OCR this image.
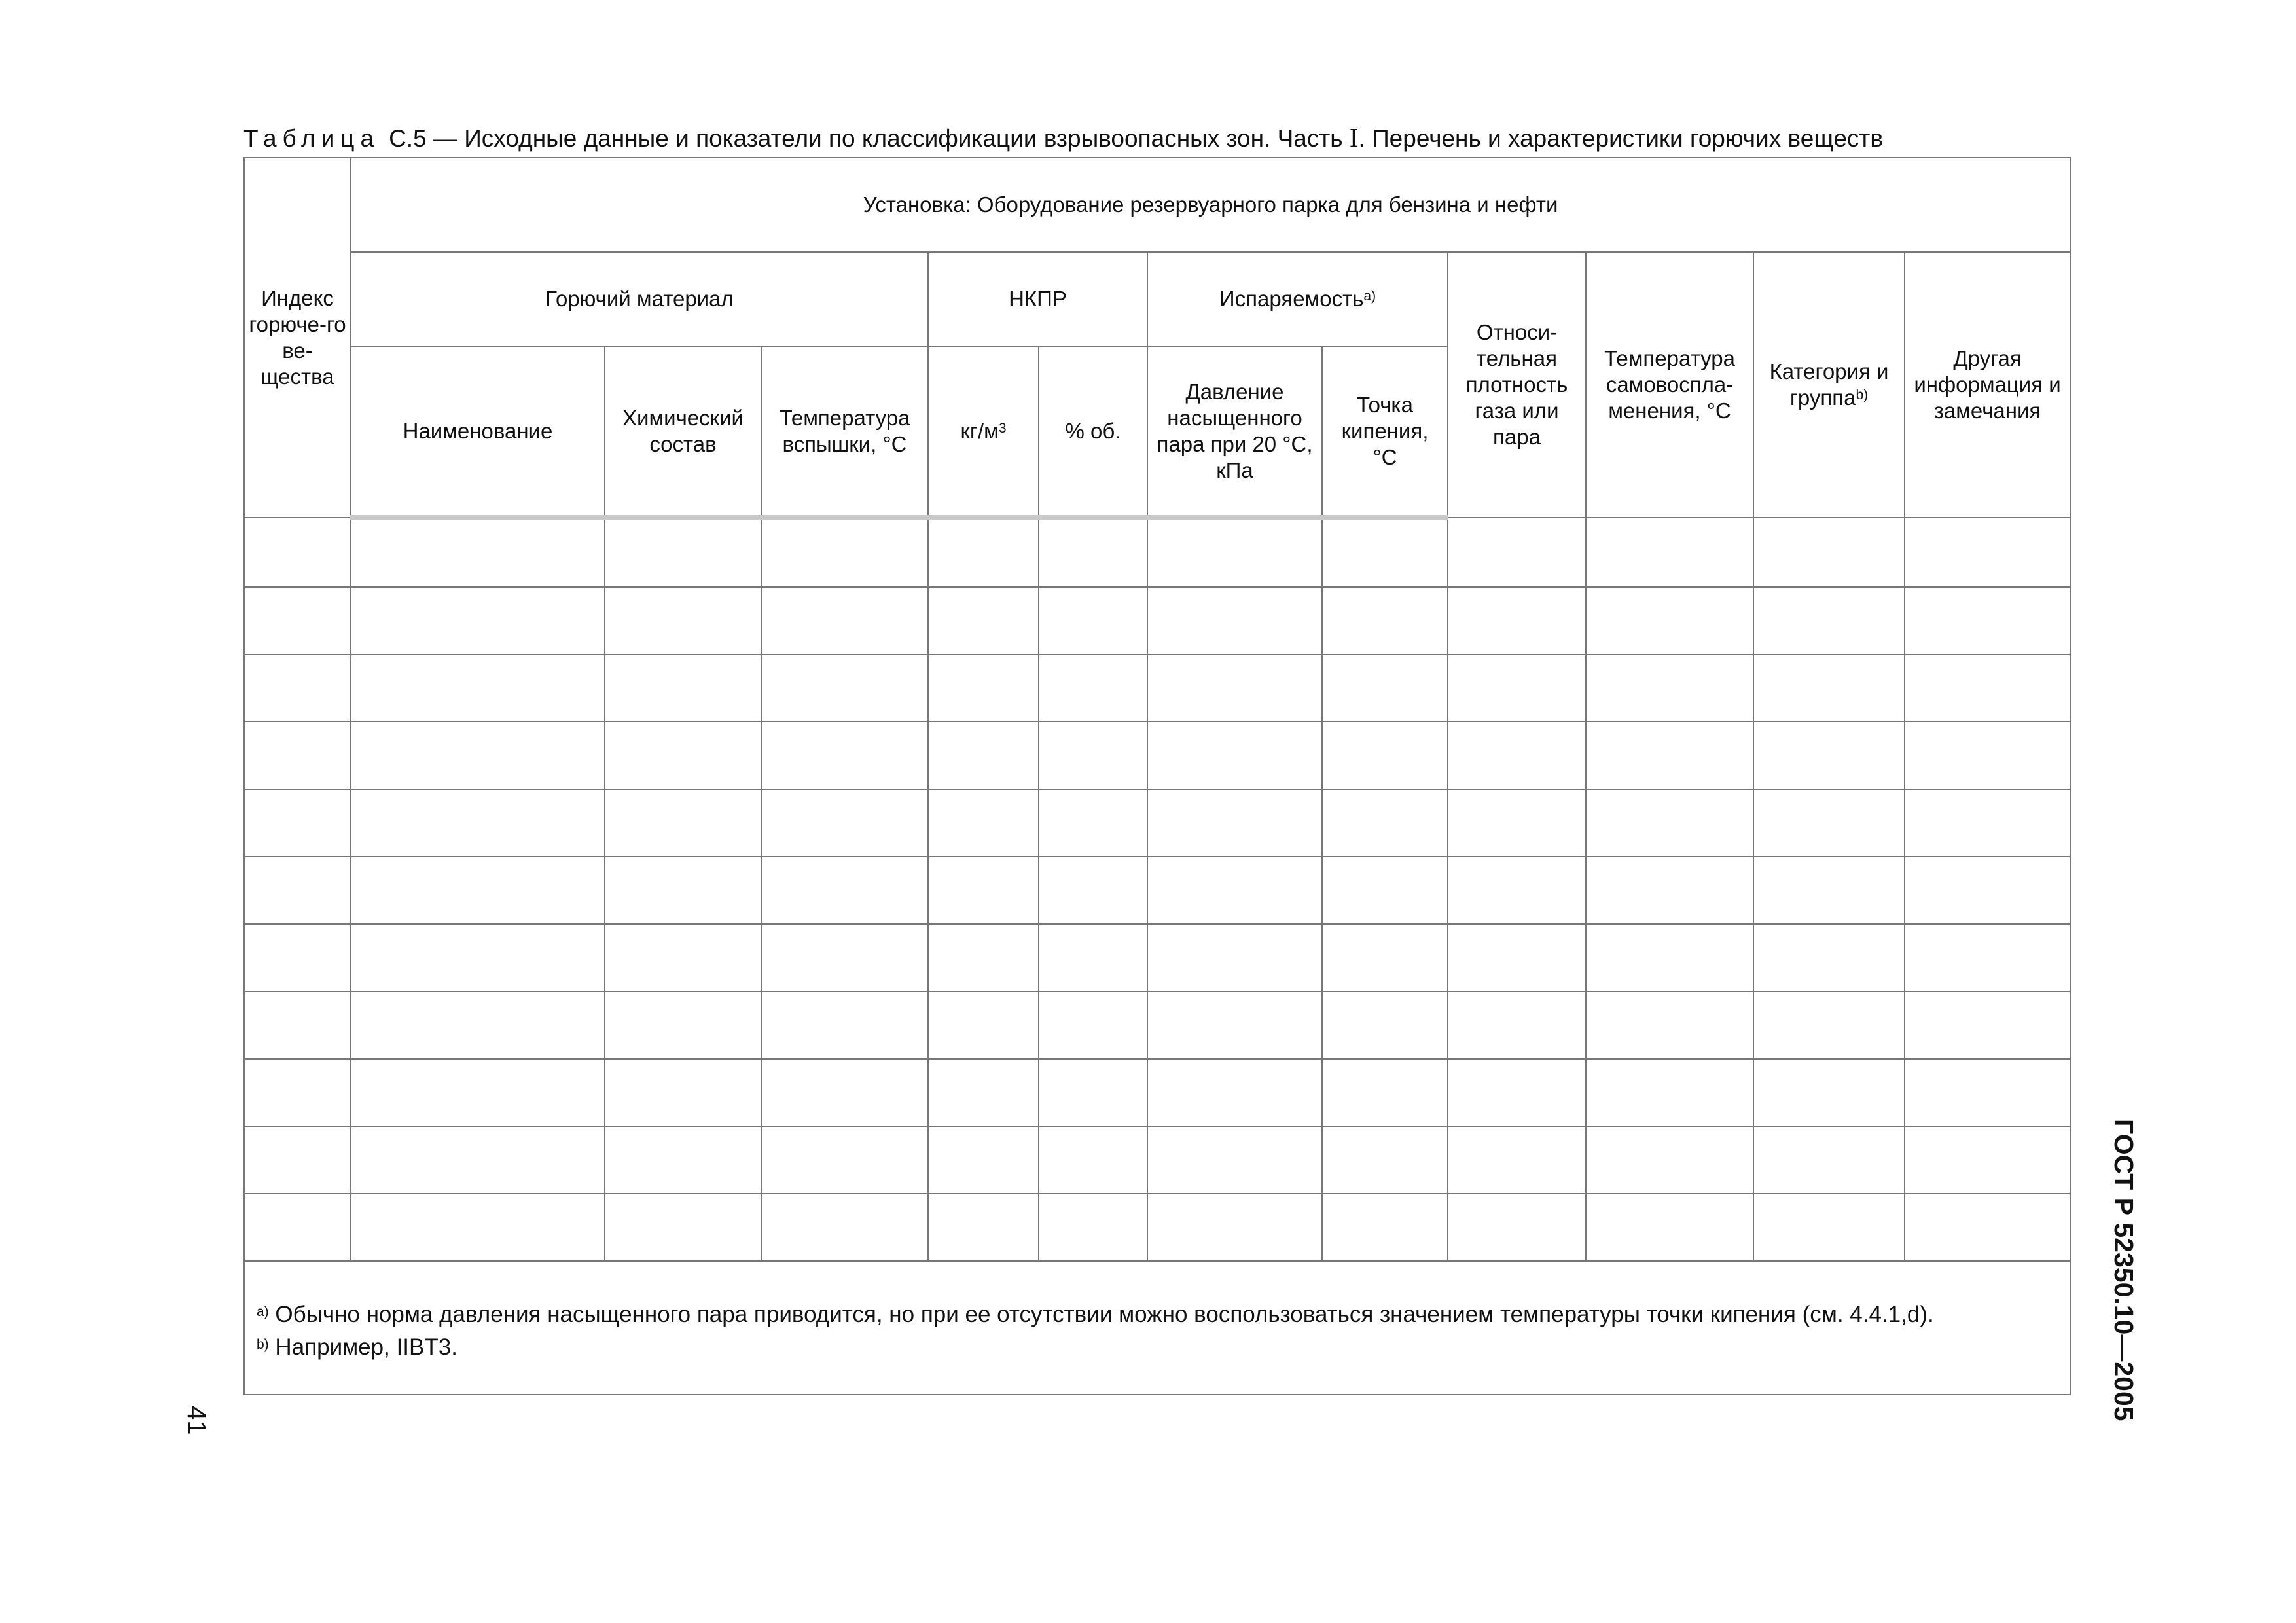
Таблица С.5 — Исходные данные и показатели по классификации взрывоопасных зон. Часть I. Перечень и характеристики горючих веществ
Индекс горюче-го ве-щества	Установка: Оборудование резервуарного парка для бензина и нефти										
	Горючий материал			НКПР		Испаряемость$^{а)}$		Относи-тельная плотность газа или пара	Температура самовоспла-менения, °С	Категория и группа$^{b)}$	Другая информация и замечания
	Наименование	Химический состав	Температура вспышки, °С	$кг/м^3$	% об.	Давление насыщенного пара при 20 °С, кПа	Точка кипения, °С				

$^{а)}$ Обычно норма давления насыщенного пара приводится, но при ее отсутствии можно воспользоваться значением температуры точки кипения (см. 4.4.1,d).
$^{b)}$ Например, IIBT3.												ГОСТ Р 52350.10—2005
41
